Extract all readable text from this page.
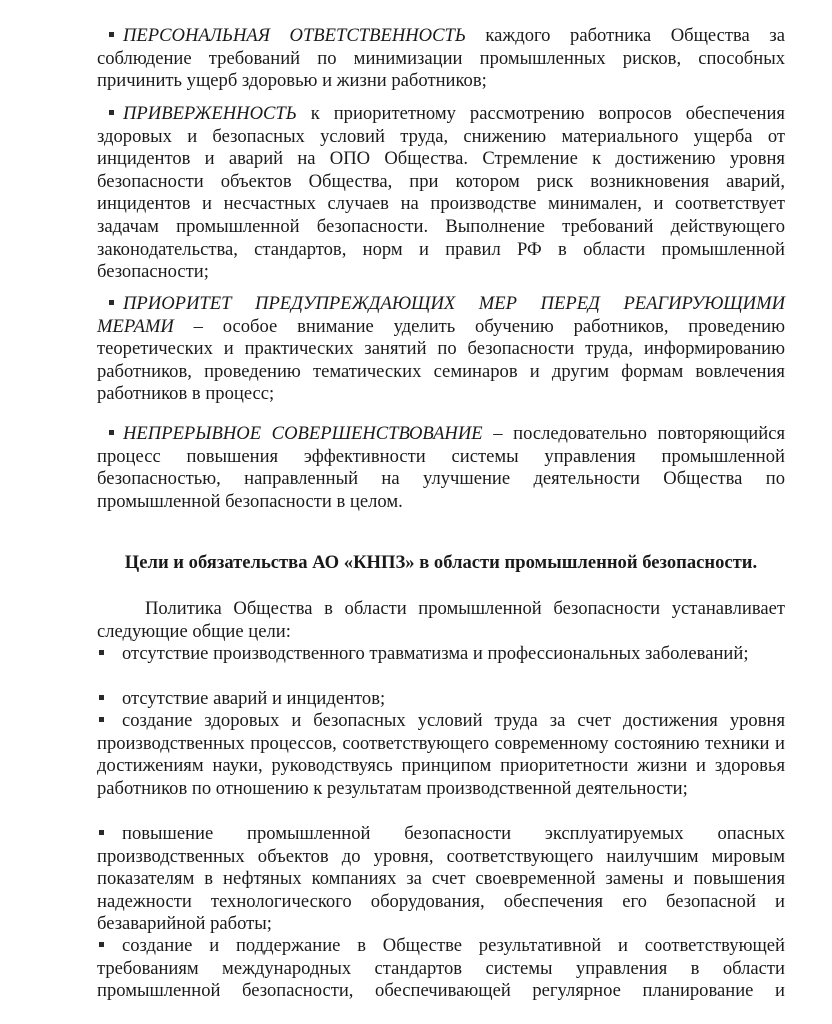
ПЕРСОНАЛЬНАЯ ОТВЕТСТВЕННОСТЬ каждого работника Общества за соблюдение требований по минимизации промышленных рисков, способных причинить ущерб здоровью и жизни работников;

ПРИВЕРЖЕННОСТЬ к приоритетному рассмотрению вопросов обеспечения здоровых и безопасных условий труда, снижению материального ущерба от инцидентов и аварий на ОПО Общества. Стремление к достижению уровня безопасности объектов Общества, при котором риск возникновения аварий, инцидентов и несчастных случаев на производстве минимален, и соответствует задачам промышленной безопасности. Выполнение требований действующего законодательства, стандартов, норм и правил РФ в области промышленной безопасности;

ПРИОРИТЕТ ПРЕДУПРЕЖДАЮЩИХ МЕР ПЕРЕД РЕАГИРУЮЩИМИ МЕРАМИ – особое внимание уделить обучению работников, проведению теоретических и практических занятий по безопасности труда, информированию работников, проведению тематических семинаров и другим формам вовлечения работников в процесс;

НЕПРЕРЫВНОЕ СОВЕРШЕНСТВОВАНИЕ – последовательно повторяющийся процесс повышения эффективности системы управления промышленной безопасностью, направленный на улучшение деятельности Общества по промышленной безопасности в целом.

Цели и обязательства АО «КНПЗ» в области промышленной безопасности.

Политика Общества в области промышленной безопасности устанавливает следующие общие цели:

отсутствие производственного травматизма и профессиональных заболеваний;

отсутствие аварий и инцидентов;

создание здоровых и безопасных условий труда за счет достижения уровня производственных процессов, соответствующего современному состоянию техники и достижениям науки, руководствуясь принципом приоритетности жизни и здоровья работников по отношению к результатам производственной деятельности;

повышение промышленной безопасности эксплуатируемых опасных производственных объектов до уровня, соответствующего наилучшим мировым показателям в нефтяных компаниях за счет своевременной замены и повышения надежности технологического оборудования, обеспечения его безопасной и безаварийной работы;

создание и поддержание в Обществе результативной и соответствующей требованиям международных стандартов системы управления в области промышленной безопасности, обеспечивающей регулярное планирование и
